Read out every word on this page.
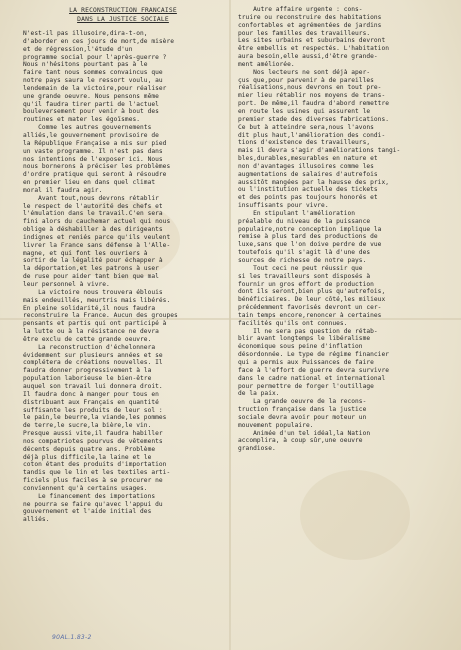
LA RECONSTRUCTION FRANCAISE
DANS LA JUSTICE SOCIALE
N'est-il pas illusoire,dira-t-on,
d'aborder en ces jours de mort,de misère
et de régression,l'étude d'un
programme social pour l'après-guerre ?
Nous n'hésitons pourtant pas à le
faire tant nous sommes convaincus que
notre pays saura le ressort voulu, au
lendemain de la victoire,pour réaliser
une grande oeuvre. Nous pensons même
qu'il faudra tirer parti de l'actuel
bouleversement pour venir à bout des
routines et mater les égoïsmes.
Comme les autres gouvernements
alliés,le gouvernement provisoire de
la République Française a mis sur pied
un vaste programme. Il n'est pas dans
nos intentions de l'exposer ici. Nous
nous bornerons à préciser les problèmes
d'ordre pratique qui seront à résoudre
en premier lieu en dans quel climat
moral il faudra agir.
Avant tout,nous devrons rétablir
le respect de l'autorité des chefs et
l'émulation dans le travail.C'en sera
fini alors du cauchemar actuel qui nous
oblige à déshabiller à des dirigeants
indignes et reniés parce qu'ils veulent
livrer la France sans défense à l'Alle-
magne, et qui font les ouvriers à
sortir de la légalité pour échapper à
la déportation,et les patrons à user
de ruse pour aider tant bien que mal
leur personnel à vivre.
La victoire nous trouvera éblouis
mais endeuillés, meurtris mais libérés.
En pleine solidarité,il nous faudra
reconstruire la France. Aucun des groupes
pensants et partis qui ont participé à
la lutte ou à la résistance ne devra
être exclu de cette grande oeuvre.
La reconstruction d'échelonnera
évidemment sur plusieurs années et se
complétera de créations nouvelles. Il
faudra donner progressivement à la
population laborieuse le bien-être
auquel son travail lui donnera droit.
Il faudra donc à manger pour tous en
distribuant aux Français en quantité
suffisante les produits de leur sol :
le pain,le beurre,la viande,les pommes
de terre,le sucre,la bière,le vin.
Presque aussi vite,il faudra habiller
nos compatriotes pourvus de vêtements
décents depuis quatre ans. Problème
déjà plus difficile,la laine et le
coton étant des produits d'importation
tandis que le lin et les textiles arti-
ficiels plus faciles à se procurer ne
conviennent qu'à certains usages.
Le financement des importations
ne pourra se faire qu'avec l'appui du
gouvernement et l'aide initial des
alliés.
Autre affaire urgente : cons-
truire ou reconstruire des habitations
confortables et agrémentées de jardins
pour les familles des travailleurs.
Les sites urbains et suburbains devront
être embellis et respectés. L'habitation
aura besoin,elle aussi,d'être grande-
ment améliorée.
Nos lecteurs ne sont déjà aper-
çus que,pour parvenir à de pareilles
réalisations,nous devrons en tout pre-
mier lieu rétablir nos moyens de trans-
port. De même,il faudra d'abord remettre
en route les usines qui assurent le
premier stade des diverses fabrications.
Ce but à atteindre sera,nous l'avons
dit plus haut,l'amélioration des condi-
tions d'existence des travailleurs,
mais il devra s'agir d'améliorations tangi-
bles,durables,mesurables en nature et
non d'avantages illusoires comme les
augmentations de salaires d'autrefois
aussitôt mangées par la hausse des prix,
ou l'institution actuelle des tickets
et des points pas toujours honorés et
insuffisants pour vivre.
En stipulant l'amélioration
préalable du niveau de la puissance
populaire,notre conception implique la
remise à plus tard des productions de
luxe,sans que l'on doive perdre de vue
toutefois qu'il s'agit là d'une des
sources de richesse de notre pays.
Tout ceci ne peut réussir que
si les travailleurs sont disposés à
fournir un gros effort de production
dont ils seront,bien plus qu'autrefois,
bénéficiaires. De leur côté,les milieux
précédemment favorisés devront un cer-
tain temps encore,renoncer à certaines
facilités qu'ils ont connues.
Il ne sera pas question de rétab-
blir avant longtemps le libéralisme
économique sous peine d'inflation
désordonnée. Le type de régime financier
qui a permis aux Puissances de faire
face à l'effort de guerre devra survivre
dans le cadre national et international
pour permettre de forger l'outillage
de la paix.
La grande oeuvre de la recons-
truction française dans la justice
sociale devra avoir pour moteur un
mouvement populaire.
Animée d'un tel idéal,la Nation
accomplira, à coup sûr,une oeuvre
grandiose.
90AL.1.83-2
